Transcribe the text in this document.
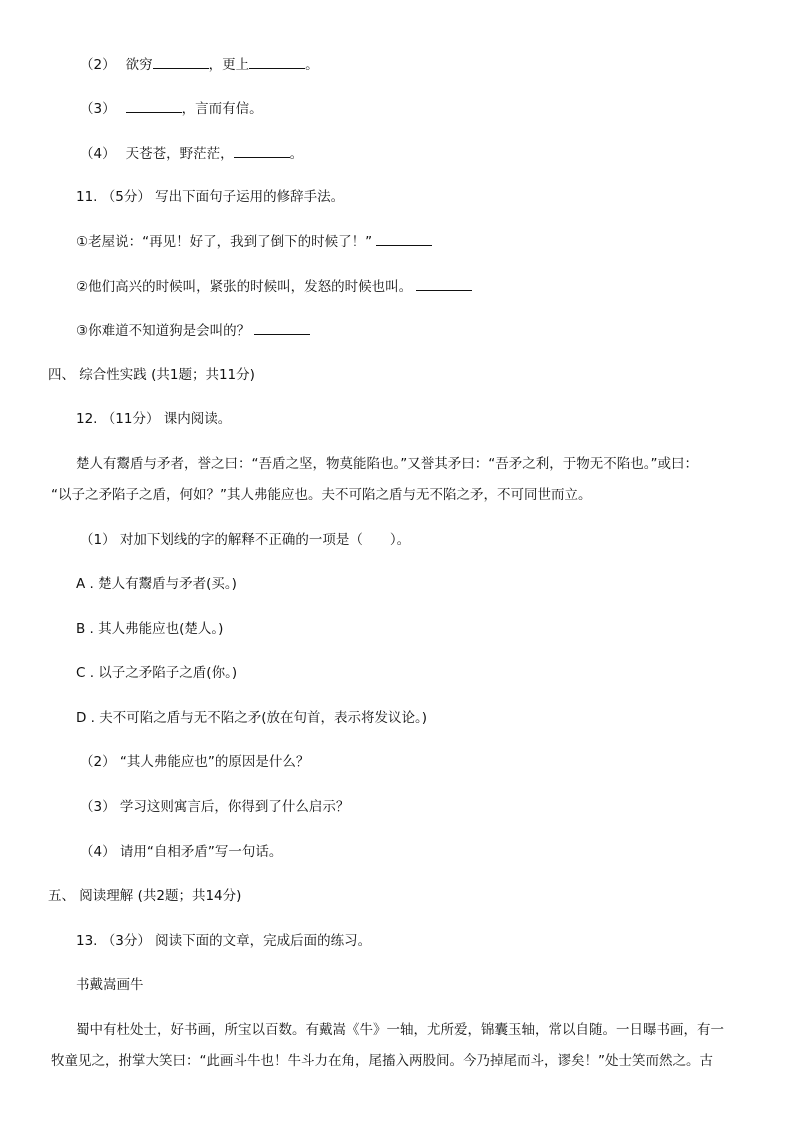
（2） 欲穷	，更上	。
（3）	，言而有信。
（4） 天苍苍，野茫茫，	。
11. （5分） 写出下面句子运用的修辞手法。
①老屋说：“再见！好了，我到了倒下的时候了！”
②他们高兴的时候叫，紧张的时候叫，发怒的时候也叫。
③你难道不知道狗是会叫的？
四、 综合性实践 (共1题；共11分)
12. （11分） 课内阅读。
楚人有鬻盾与矛者，誉之曰：“吾盾之坚，物莫能陷也。”又誉其矛曰：“吾矛之利，于物无不陷也。”或曰：
“以子之矛陷子之盾，何如？”其人弗能应也。夫不可陷之盾与无不陷之矛，不可同世而立。
（1） 对加下划线的字的解释不正确的一项是（　　）。
A . 楚人有鬻盾与矛者(买。)
B . 其人弗能应也(楚人。)
C . 以子之矛陷子之盾(你。)
D . 夫不可陷之盾与无不陷之矛(放在句首，表示将发议论。)
（2） “其人弗能应也”的原因是什么？
（3） 学习这则寓言后，你得到了什么启示？
（4） 请用“自相矛盾”写一句话。
五、 阅读理解 (共2题；共14分)
13. （3分） 阅读下面的文章，完成后面的练习。
书戴嵩画牛
蜀中有杜处士，好书画，所宝以百数。有戴嵩《牛》一轴，尤所爱，锦囊玉轴，常以自随。一日曝书画，有一
牧童见之，拊掌大笑曰：“此画斗牛也！牛斗力在角，尾搐入两股间。今乃掉尾而斗，谬矣！”处士笑而然之。古
